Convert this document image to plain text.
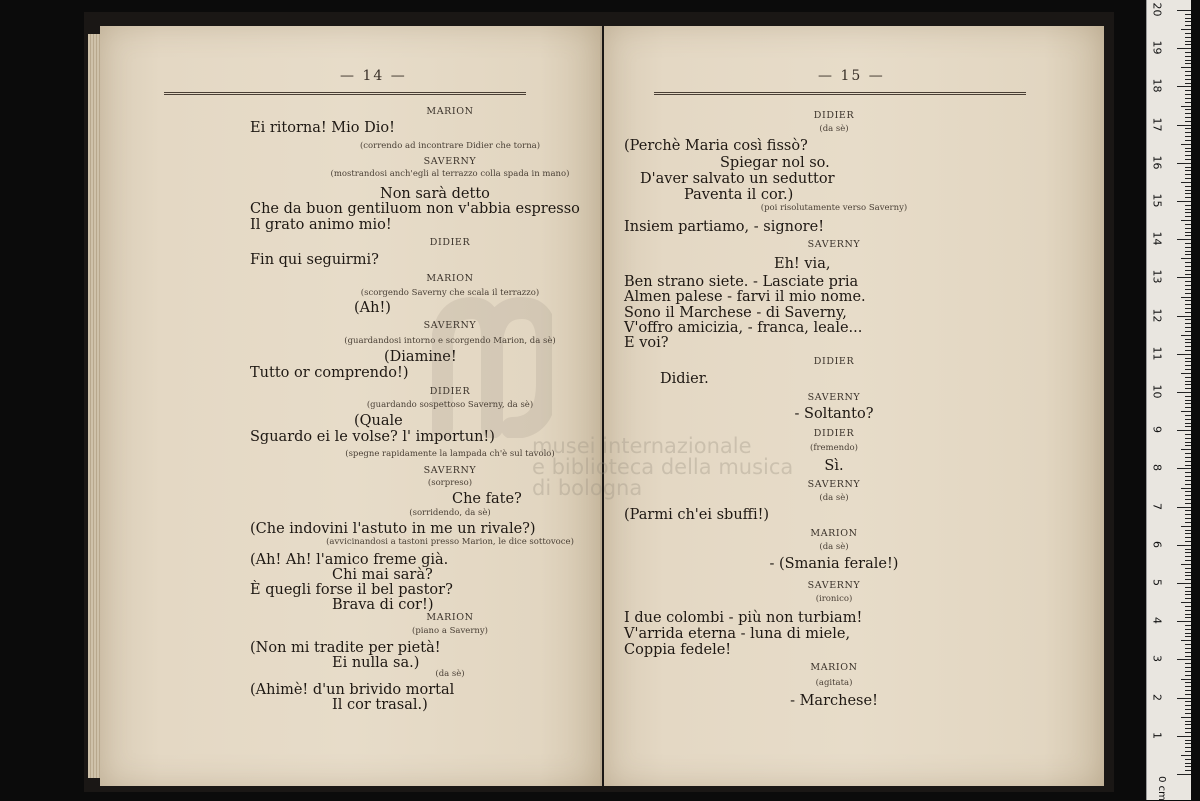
— 14 —
MARION
Ei ritorna! Mio Dio!
(correndo ad incontrare Didier che torna)
SAVERNY
(mostrandosi anch'egli al terrazzo colla spada in mano)
Non sarà detto
Che da buon gentiluom non v'abbia espresso
Il grato animo mio!
DIDIER
Fin qui seguirmi?
MARION
(scorgendo Saverny che scala il terrazzo)
(Ah!)
SAVERNY
(guardandosi intorno e scorgendo Marion, da sè)
(Diamine!
Tutto or comprendo!)
DIDIER
(guardando sospettoso Saverny, da sè)
(Quale
Sguardo ei le volse? l' importun!)
(spegne rapidamente la lampada ch'è sul tavolo)
SAVERNY
(sorpreso)
Che fate?
(sorridendo, da sè)
(Che indovini l'astuto in me un rivale?)
(avvicinandosi a tastoni presso Marion, le dice sottovoce)
(Ah! Ah! l'amico freme già.
Chi mai sarà?
È quegli forse il bel pastor?
Brava di cor!)
MARION
(piano a Saverny)
(Non mi tradite per pietà!
Ei nulla sa.)
(da sè)
(Ahimè! d'un brivido mortal
Il cor trasal.)
— 15 —
DIDIER
(da sè)
(Perchè Maria così fissò?
Spiegar nol so.
D'aver salvato un seduttor
Paventa il cor.)
(poi risolutamente verso Saverny)
Insiem partiamo, - signore!
SAVERNY
Eh! via,
Ben strano siete. - Lasciate pria
Almen palese - farvi il mio nome.
Sono il Marchese - di Saverny,
V'offro amicizia, - franca, leale...
E voi?
DIDIER
Didier.
SAVERNY
- Soltanto?
DIDIER
(fremendo)
Sì.
SAVERNY
(da sè)
(Parmi ch'ei sbuffi!)
MARION
(da sè)
- (Smania ferale!)
SAVERNY
(ironico)
I due colombi - più non turbiam!
V'arrida eterna - luna di miele,
Coppia fedele!
MARION
(agitata)
- Marchese!
musei internazionale
e biblioteca della musica
di bologna
0 cm
1
2
3
4
5
6
7
8
9
10
11
12
13
14
15
16
17
18
19
20
